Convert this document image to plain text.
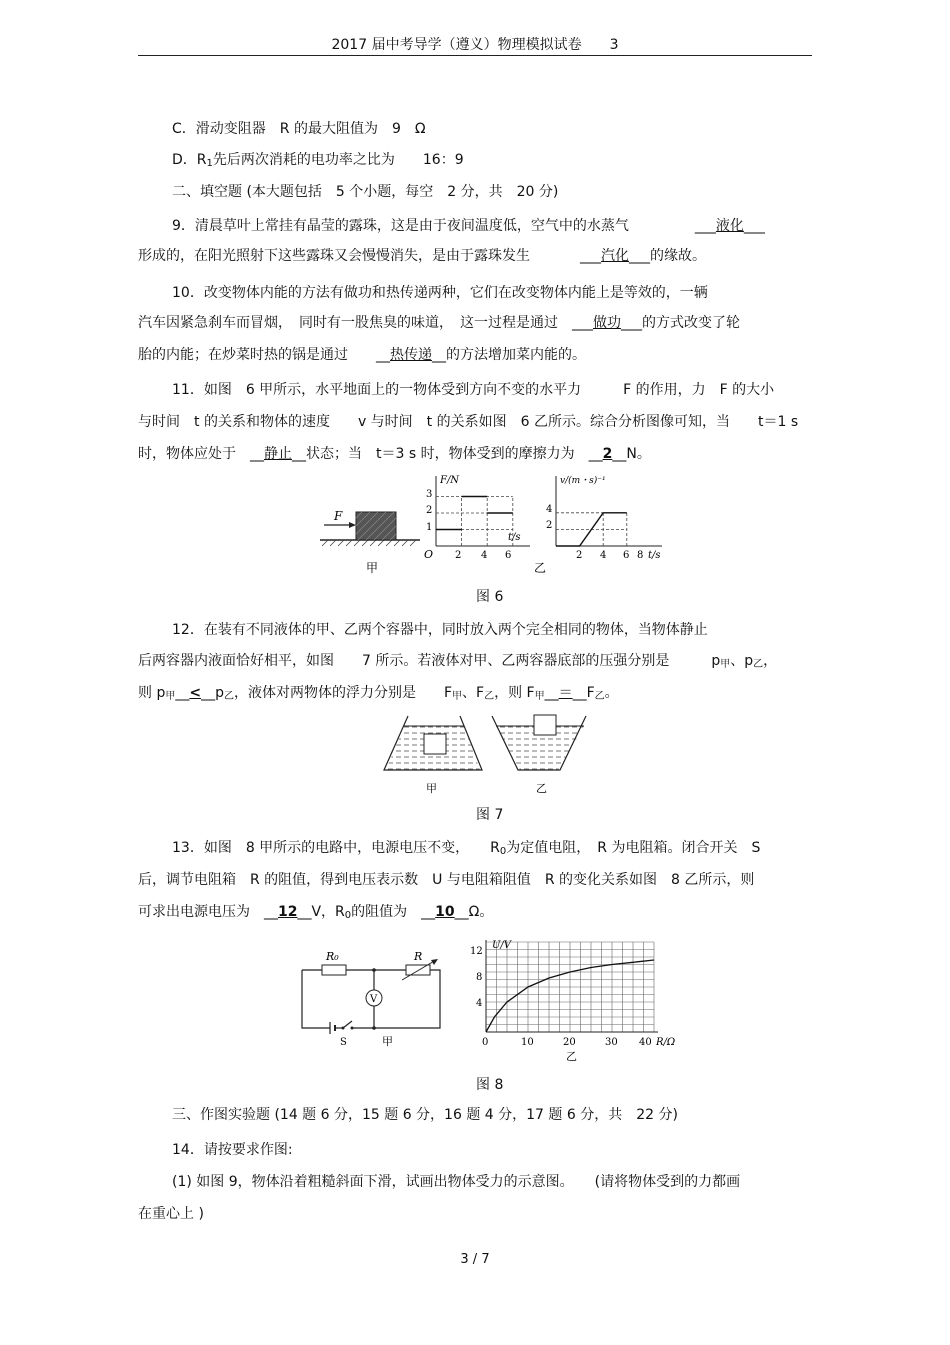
2017 届中考导学（遵义）物理模拟试卷　　 3
C．滑动变阻器　R 的最大阻值为　9　Ω
D．$R_1$先后两次消耗的电功率之比为　　16：9
二、填空题 (本大题包括　5 个小题，每空　2 分，共　20 分)
9．清晨草叶上常挂有晶莹的露珠，这是由于夜间温度低，空气中的水蒸气	___液化___
形成的，在阳光照射下这些露珠又会慢慢消失，是由于露珠发生	___汽化___的缘故。
10．改变物体内能的方法有做功和热传递两种，它们在改变物体内能上是等效的，一辆
汽车因紧急刹车而冒烟，　同时有一股焦臭的味道，　这一过程是通过　___做功___的方式改变了轮
胎的内能；在炒菜时热的锅是通过　　__热传递__的方法增加菜内能的。
11．如图　6 甲所示，水平地面上的一物体受到方向不变的水平力　　　F 的作用，力　F 的大小
与时间　t 的关系和物体的速度　　v 与时间　t 的关系如图　6 乙所示。综合分析图像可知，当　　t＝1 s
时，物体应处于　__静止__状态；当　t＝3 s 时，物体受到的摩擦力为　__2__N。
F
甲
F/N
t/s
O
1
2
3
2 4 6
v/(m・s)⁻¹
t/s
2
4
2 4 6 8
乙
图 6
12．在装有不同液体的甲、乙两个容器中，同时放入两个完全相同的物体，当物体静止
后两容器内液面恰好相平，如图　　7 所示。若液体对甲、乙两容器底部的压强分别是　　　$p_甲$、$p_乙$，
则 $p_甲\_\_<\_\_p_乙$，液体对两物体的浮力分别是　　$F_甲$、$F_乙$，则 $F_甲\_\_=\_\_F_乙$。
甲	乙
图 7
13．如图　8 甲所示的电路中，电源电压不变，　　$R_0$为定值电阻，　R 为电阻箱。闭合开关　S
后，调节电阻箱　R 的阻值，得到电压表示数　U 与电阻箱阻值　R 的变化关系如图　8 乙所示，则
可求出电源电压为　__12__V，$R_0$的阻值为　__10__Ω。
S
V
R₀	R
甲
U/V
R/Ω
12
8
4
0	10	20	30 40
乙
图 8
三、作图实验题 (14 题 6 分，15 题 6 分，16 题 4 分，17 题 6 分，共　22 分)
14．请按要求作图:
(1) 如图 9，物体沿着粗糙斜面下滑，试画出物体受力的示意图。　　(请将物体受到的力都画
在重心上 )
3 / 7
